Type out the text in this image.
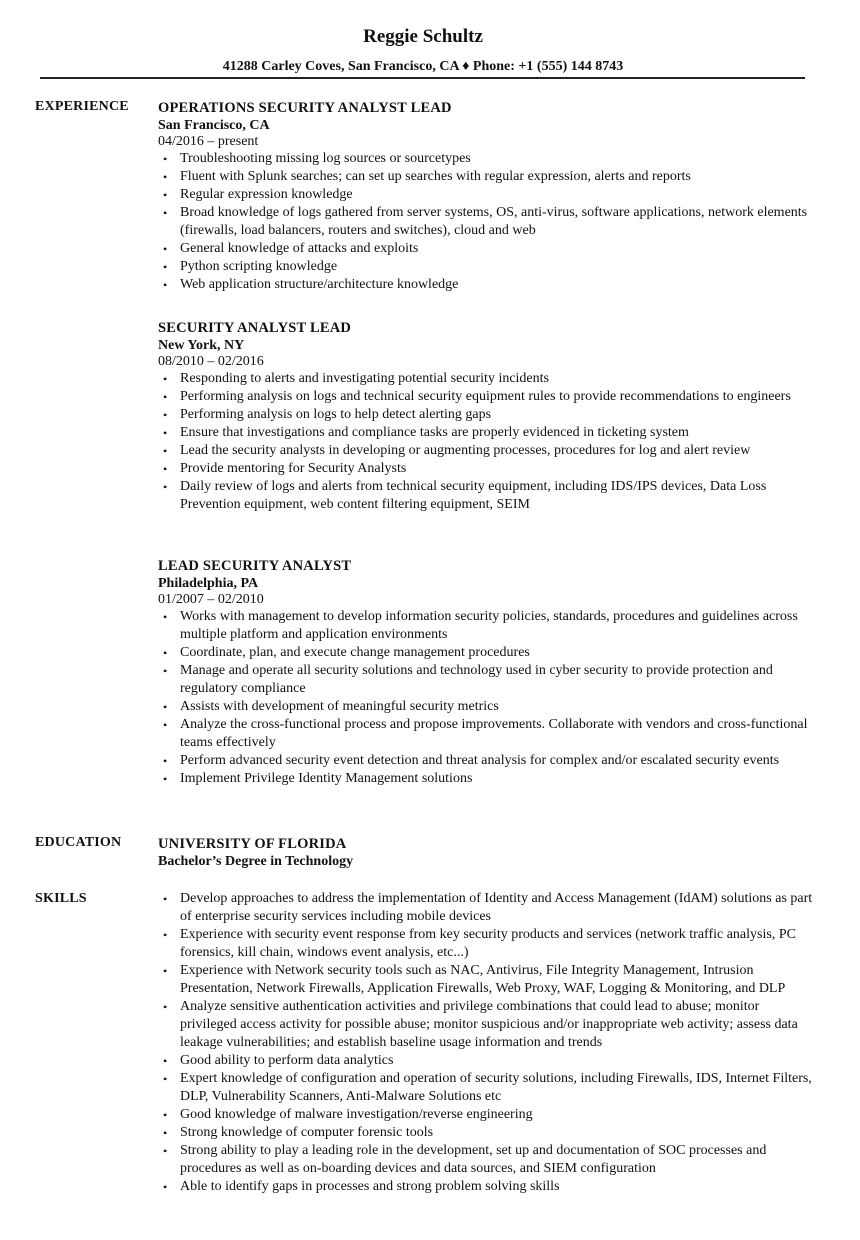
Reggie Schultz
41288 Carley Coves, San Francisco, CA ♦ Phone: +1 (555) 144 8743
EXPERIENCE OPERATIONS SECURITY ANALYST LEAD
San Francisco, CA
04/2016 – present
• Troubleshooting missing log sources or sourcetypes
• Fluent with Splunk searches; can set up searches with regular expression, alerts and reports
• Regular expression knowledge
• Broad knowledge of logs gathered from server systems, OS, anti-virus, software applications, network elements (firewalls, load balancers, routers and switches), cloud and web
• General knowledge of attacks and exploits
• Python scripting knowledge
• Web application structure/architecture knowledge
SECURITY ANALYST LEAD
New York, NY
08/2010 – 02/2016
• Responding to alerts and investigating potential security incidents
• Performing analysis on logs and technical security equipment rules to provide recommendations to engineers
• Performing analysis on logs to help detect alerting gaps
• Ensure that investigations and compliance tasks are properly evidenced in ticketing system
• Lead the security analysts in developing or augmenting processes, procedures for log and alert review
• Provide mentoring for Security Analysts
• Daily review of logs and alerts from technical security equipment, including IDS/IPS devices, Data Loss Prevention equipment, web content filtering equipment, SEIM
LEAD SECURITY ANALYST
Philadelphia, PA
01/2007 – 02/2010
• Works with management to develop information security policies, standards, procedures and guidelines across multiple platform and application environments
• Coordinate, plan, and execute change management procedures
• Manage and operate all security solutions and technology used in cyber security to provide protection and regulatory compliance
• Assists with development of meaningful security metrics
• Analyze the cross-functional process and propose improvements. Collaborate with vendors and cross-functional teams effectively
• Perform advanced security event detection and threat analysis for complex and/or escalated security events
• Implement Privilege Identity Management solutions
EDUCATION	UNIVERSITY OF FLORIDA
Bachelor’s Degree in Technology
SKILLS	• Develop approaches to address the implementation of Identity and Access Management (IdAM) solutions as part of enterprise security services including mobile devices
• Experience with security event response from key security products and services (network traffic analysis, PC forensics, kill chain, windows event analysis, etc...)
• Experience with Network security tools such as NAC, Antivirus, File Integrity Management, Intrusion Presentation, Network Firewalls, Application Firewalls, Web Proxy, WAF, Logging & Monitoring, and DLP
• Analyze sensitive authentication activities and privilege combinations that could lead to abuse; monitor privileged access activity for possible abuse; monitor suspicious and/or inappropriate web activity; assess data leakage vulnerabilities; and establish baseline usage information and trends
• Good ability to perform data analytics
• Expert knowledge of configuration and operation of security solutions, including Firewalls, IDS, Internet Filters, DLP, Vulnerability Scanners, Anti-Malware Solutions etc
• Good knowledge of malware investigation/reverse engineering
• Strong knowledge of computer forensic tools
• Strong ability to play a leading role in the development, set up and documentation of SOC processes and procedures as well as on-boarding devices and data sources, and SIEM configuration
• Able to identify gaps in processes and strong problem solving skills
